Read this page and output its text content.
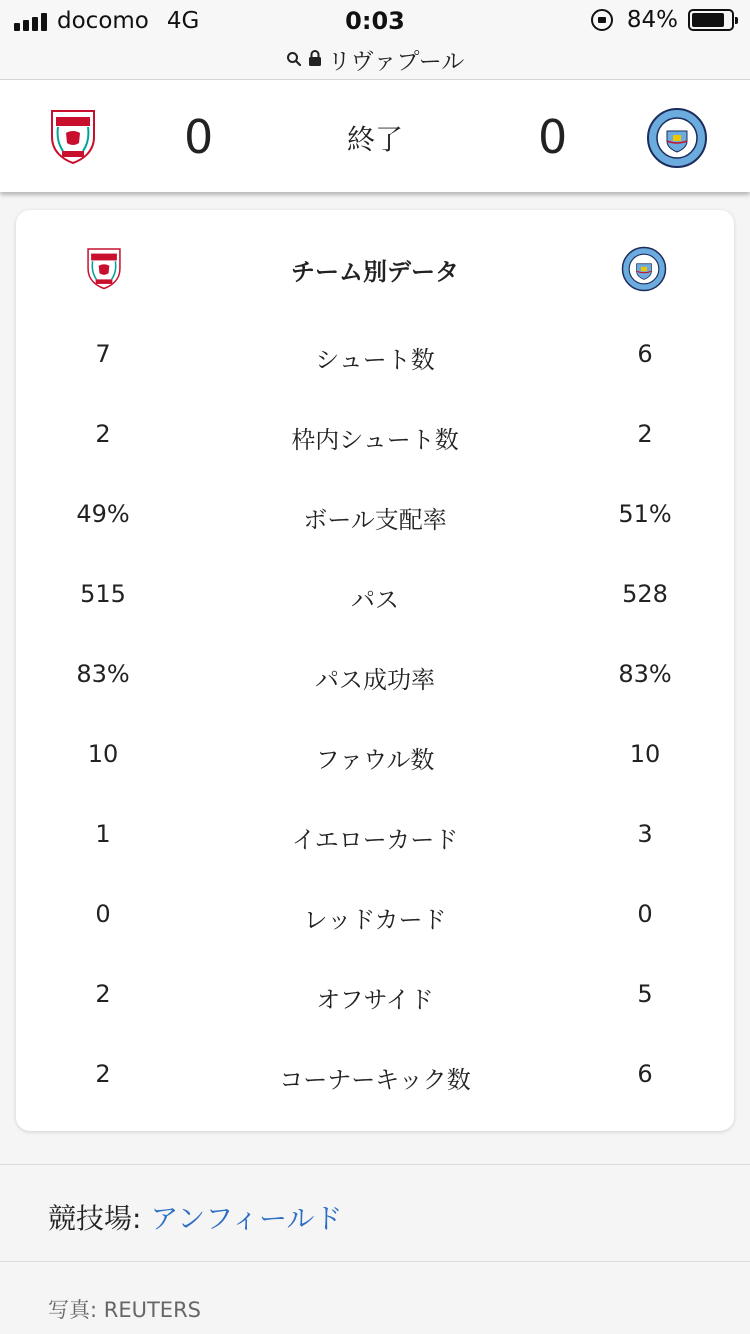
docomo 4G	0:03	84%
リヴァプール
0	終了	0
チーム別データ
7	シュート数	6
2	枠内シュート数	2
49%	ボール支配率	51%
515	パス	528
83%	パス成功率	83%
10	ファウル数	10
1	イエローカード	3
0	レッドカード	0
2	オフサイド	5
2	コーナーキック数	6
競技場: アンフィールド
写真: REUTERS
